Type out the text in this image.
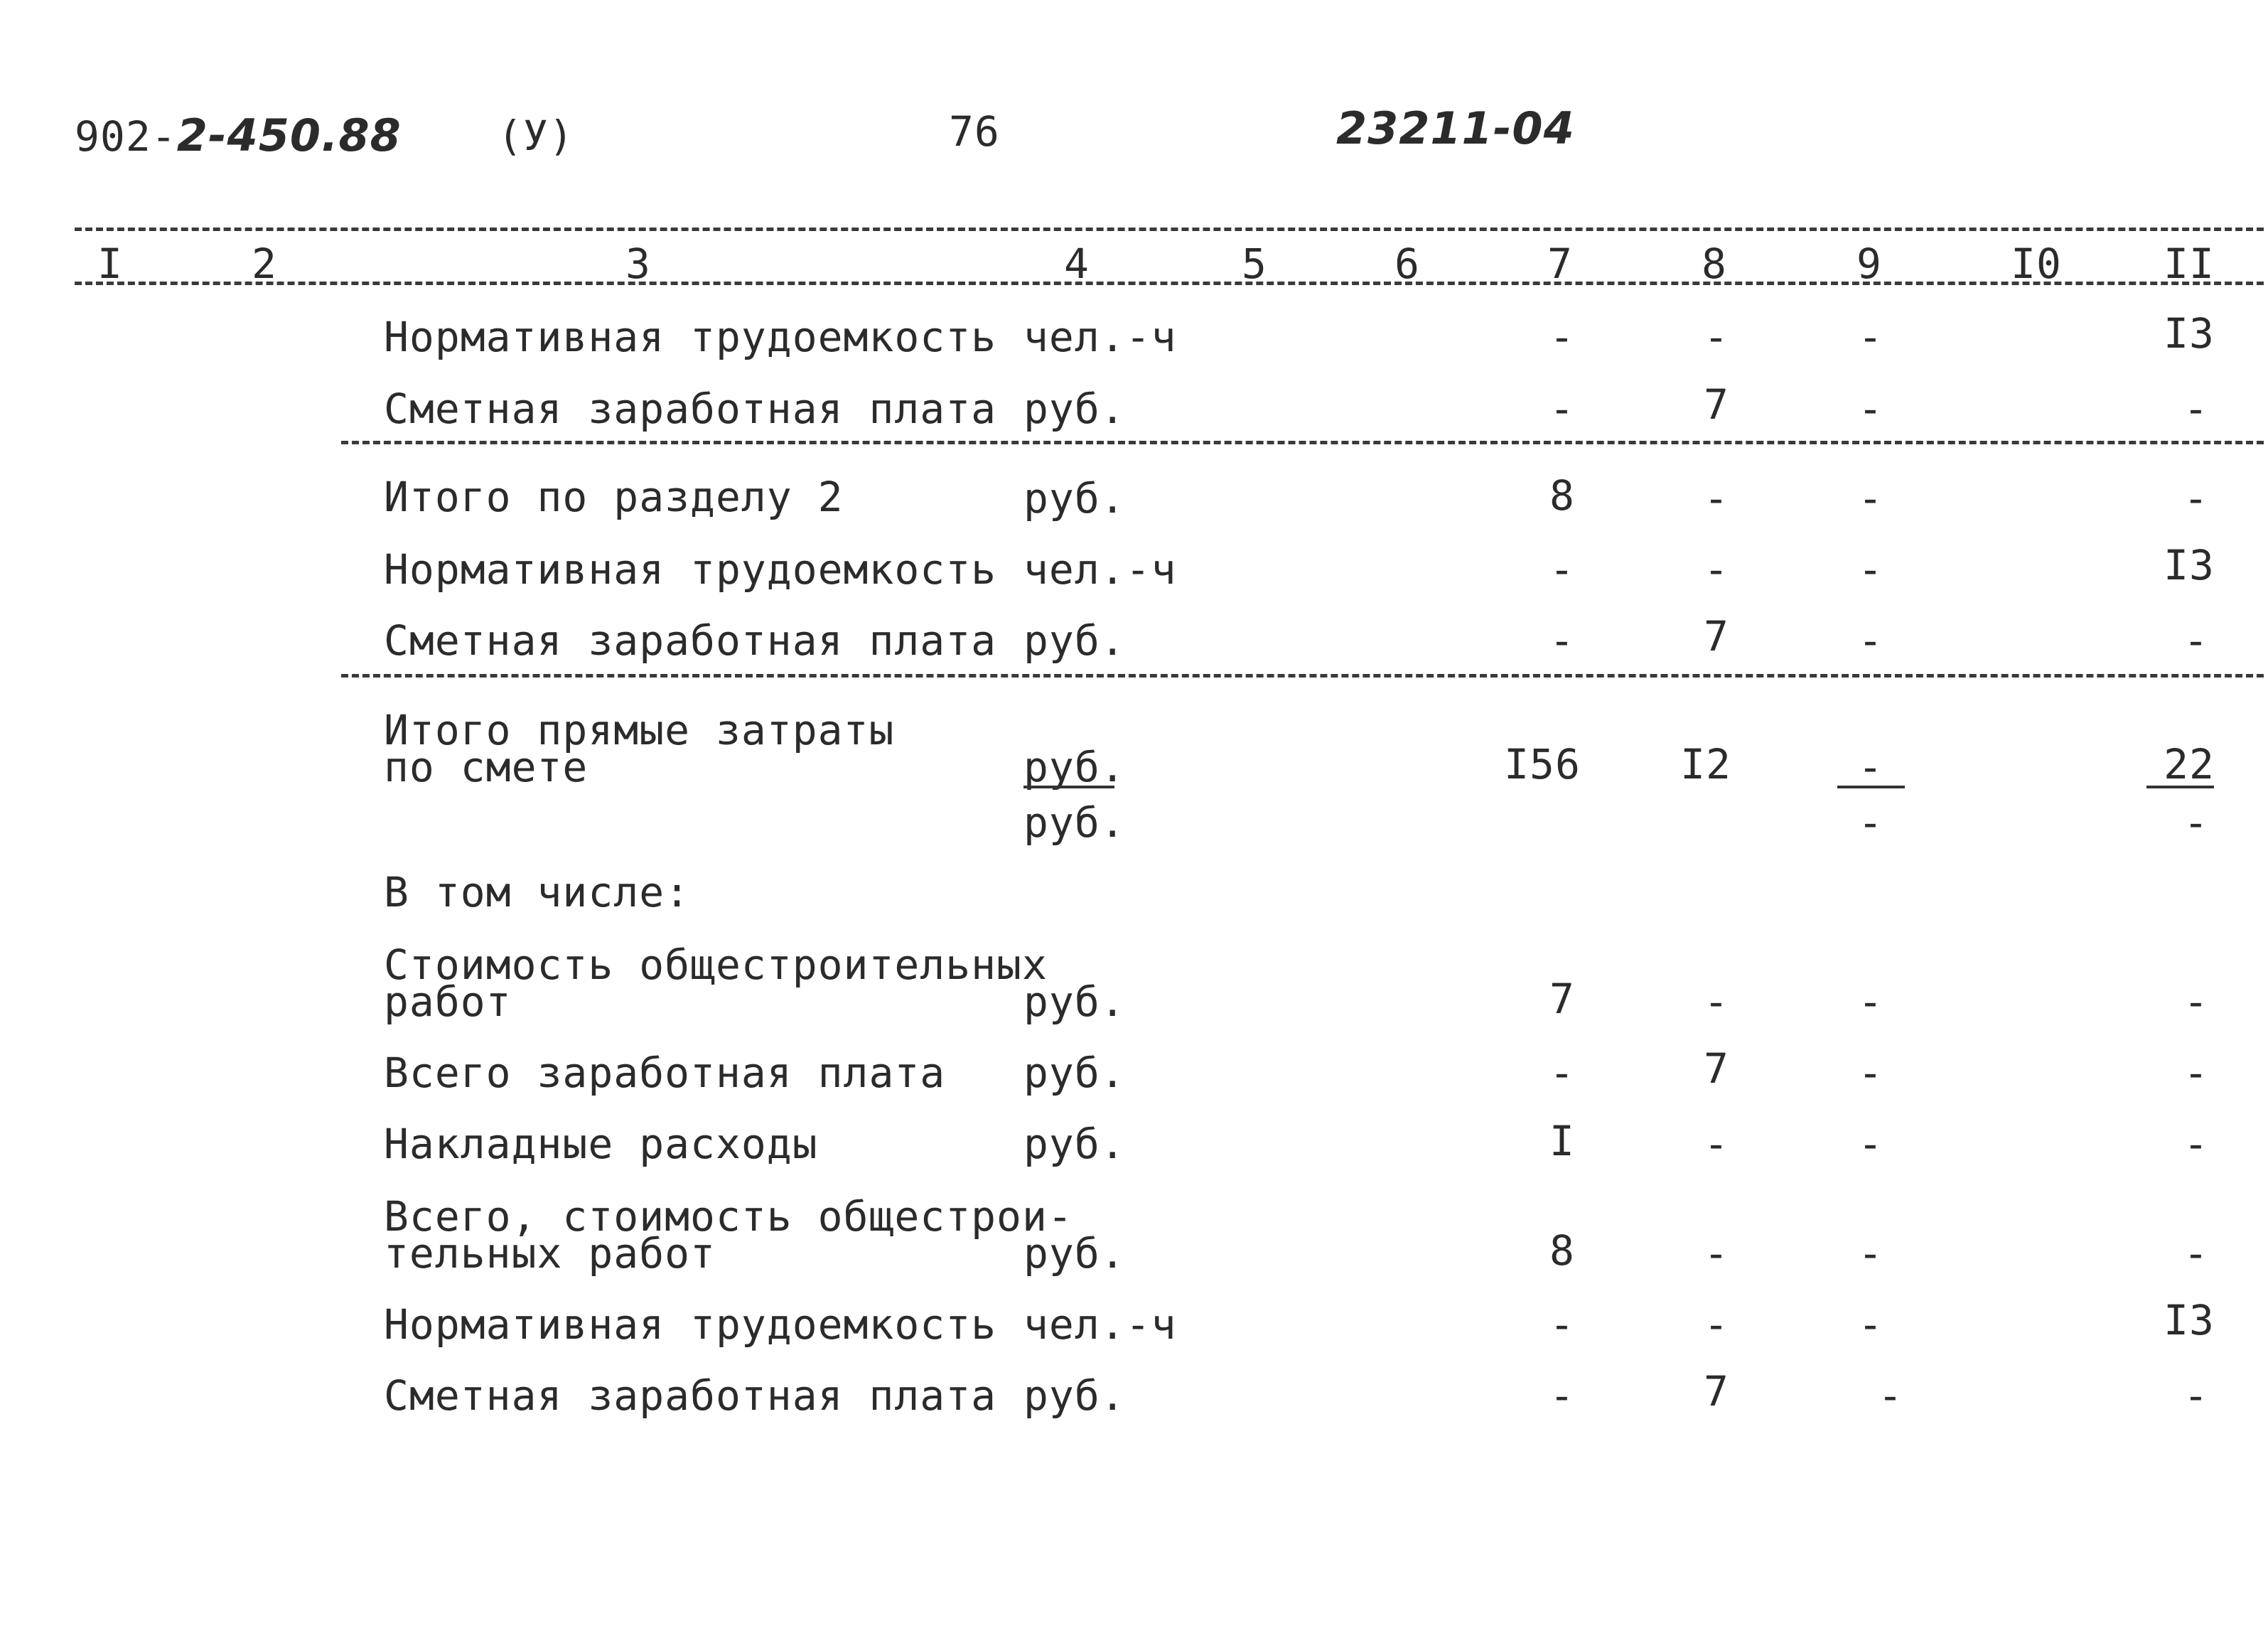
902-2-450.88 (У)	76	23211-04
I	2	3	4	5	6	7	8	9	I0 II
Нормативная трудоемкость чел.-ч	-	-	-	I3
Сметная заработная плата руб.	-	7	-	-
Итого по разделу 2	руб.	8	-	-	-
Нормативная трудоемкость чел.-ч	-	-	-	I3
Сметная заработная плата руб.	-	7	-	-
Итого прямые затраты
по смете	руб.	I56 I2	-	22
руб.	-	-
В том числе:
Стоимость общестроительных
работ	руб.	7	-	-	-
Всего заработная плата руб.	-	7	-	-
Накладные расходы	руб.	I	-	-	-
Всего, стоимость общестрои-
тельных работ	руб.	8	-	-	-
Нормативная трудоемкость чел.-ч	-	-	-	I3
Сметная заработная плата руб.	-	7	-	-
